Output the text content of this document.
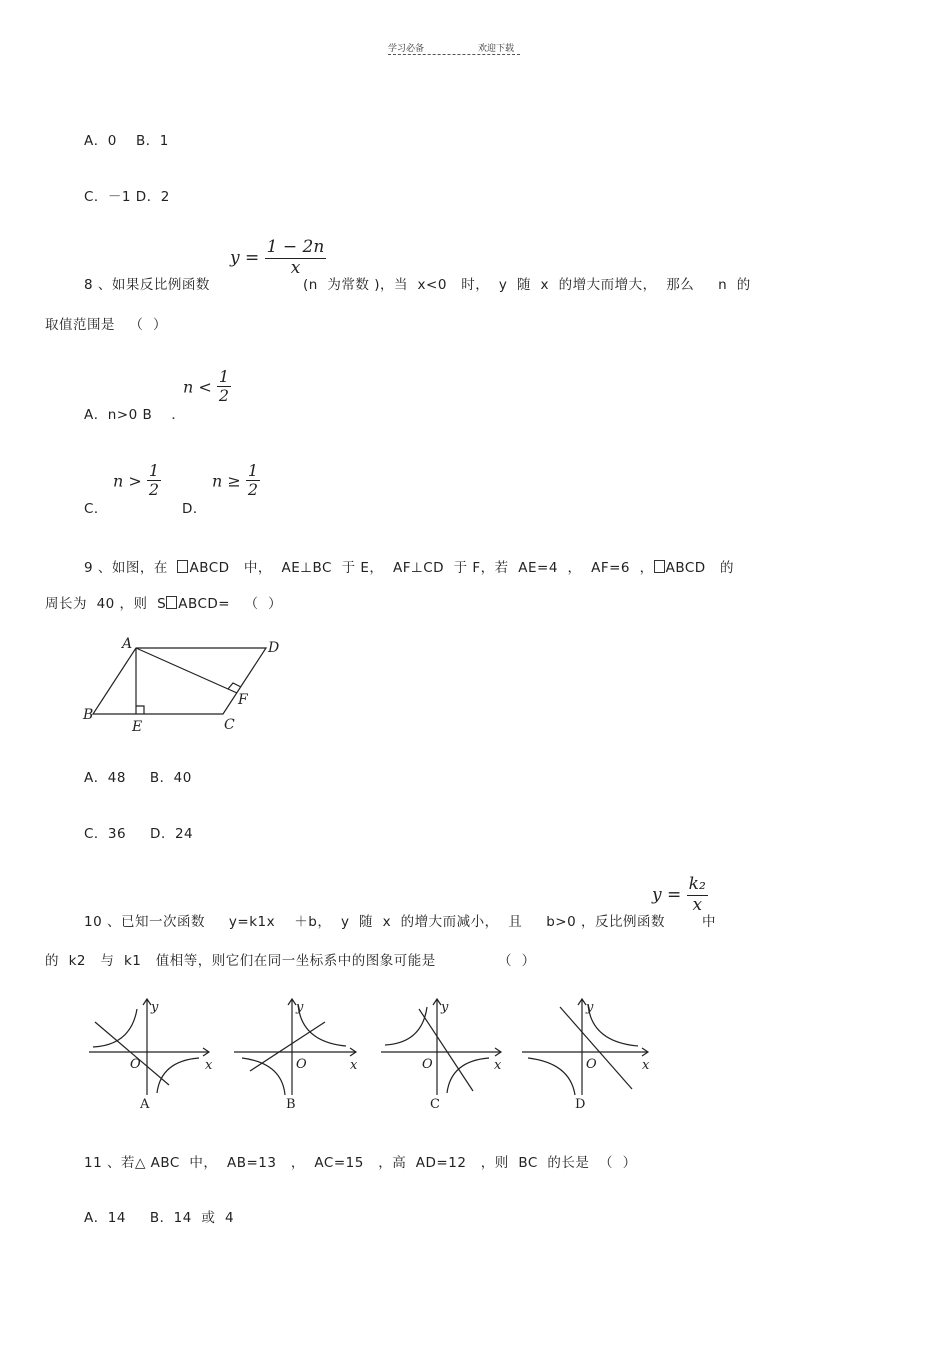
学习必备	欢迎下载
A．0    B．1
C．－1 D．2
8 、如果反比例函数
$y = \frac{1 - 2n}{x}$
(n  为常数 )，当  x<0   时，  y  随  x  的增大而增大，  那么     n  的
取值范围是   （  ）
A．n>0 B    ．
$n < \frac{1}{2}$
C．
$n > \frac{1}{2}$
D．
$n \ge \frac{1}{2}$
9 、如图，在  ABCD   中，  AE⊥BC  于 E，  AF⊥CD  于 F，若  AE=4  ，  AF=6  ， ABCD   的
周长为  40 ，则  S ABCD=   （  ）
A	D
B
C
E
F
A．48     B．40
C．36     D．24
10 、已知一次函数     y=k1x    ＋b，  y  随  x  的增大而减小，  且     b>0 ，反比例函数
$y = \frac{\text{k₂}}{x}$
中
的  k2   与  k1   值相等，则它们在同一坐标系中的图象可能是             （  ）
y
x
O
A
y
x
O
B
y
x
O
C
y
x
O
D
11 、若△ ABC  中，  AB=13   ，  AC=15   ，高  AD=12   ，则  BC  的长是  （  ）
A．14     B．14  或  4
